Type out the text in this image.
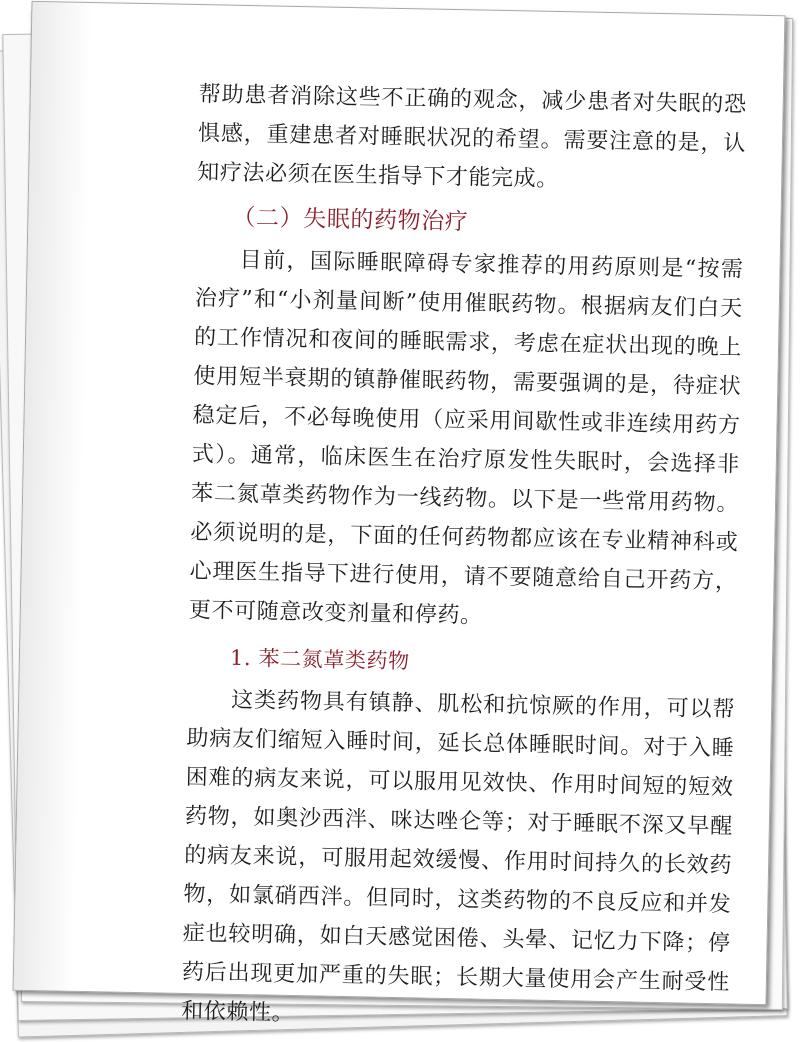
帮助患者消除这些不正确的观念，减少患者对失眠的恐惧感，重建患者对睡眠状况的希望。需要注意的是，认知疗法必须在医生指导下才能完成。

（二）失眠的药物治疗

目前，国际睡眠障碍专家推荐的用药原则是“按需治疗”和“小剂量间断”使用催眠药物。根据病友们白天的工作情况和夜间的睡眠需求，考虑在症状出现的晚上使用短半衰期的镇静催眠药物，需要强调的是，待症状稳定后，不必每晚使用（应采用间歇性或非连续用药方式）。通常，临床医生在治疗原发性失眠时，会选择非苯二氮䓬类药物作为一线药物。以下是一些常用药物。必须说明的是，下面的任何药物都应该在专业精神科或心理医生指导下进行使用，请不要随意给自己开药方，更不可随意改变剂量和停药。

1. 苯二氮䓬类药物

这类药物具有镇静、肌松和抗惊厥的作用，可以帮助病友们缩短入睡时间，延长总体睡眠时间。对于入睡困难的病友来说，可以服用见效快、作用时间短的短效药物，如奥沙西泮、咪达唑仑等；对于睡眠不深又早醒的病友来说，可服用起效缓慢、作用时间持久的长效药物，如氯硝西泮。但同时，这类药物的不良反应和并发症也较明确，如白天感觉困倦、头晕、记忆力下降；停药后出现更加严重的失眠；长期大量使用会产生耐受性和依赖性。
